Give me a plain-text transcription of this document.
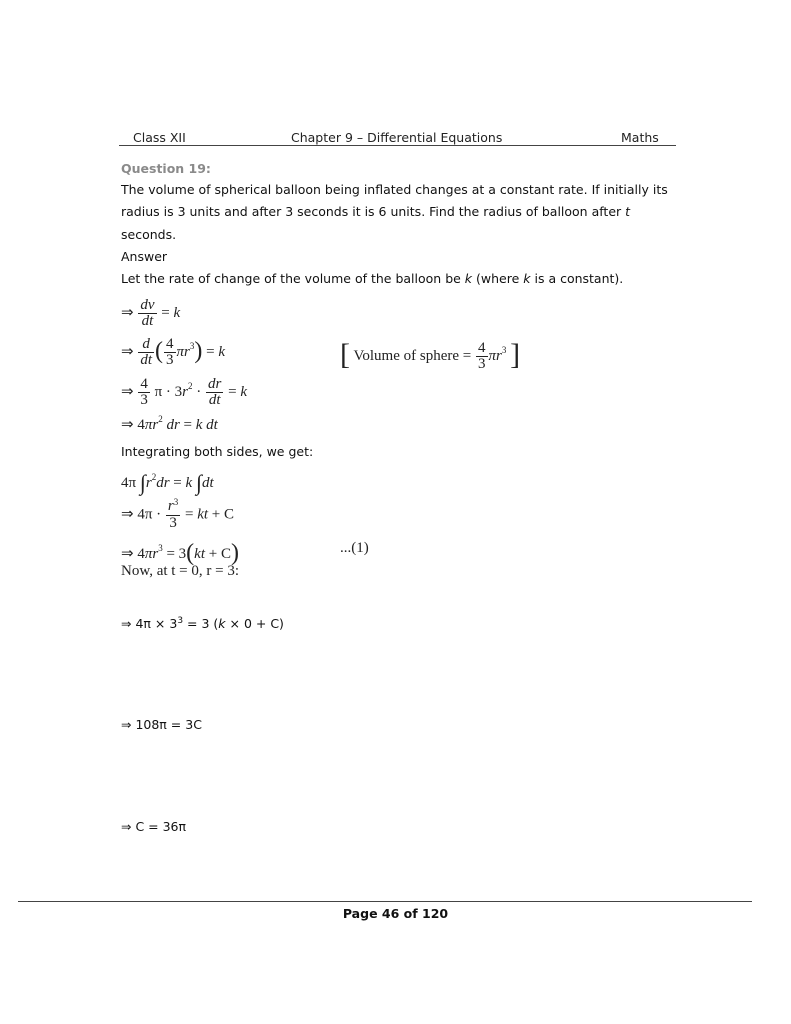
Class XII	Chapter 9 – Differential Equations	Maths
Question 19:
The volume of spherical balloon being inflated changes at a constant rate. If initially its
radius is 3 units and after 3 seconds it is 6 units. Find the radius of balloon after t
seconds.
Answer
Let the rate of change of the volume of the balloon be k (where k is a constant).
⇒ $\frac{dv}{dt} = k$
⇒ $\frac{d}{dt}$ ( $\frac{4}{3} \pi r^3) = k$	[ Volume of sphere = $\frac{4}{3} \pi r^3$ ]
⇒ $\frac{4}{3}$ $\pi \cdot 3r^2 \cdot \frac{dr}{dt} = k$
⇒ $4\pi r^2$ dr = k dt
Integrating both sides, we get:
4π $\int r^2dr = k$ ∫dt
⇒ $4\pi \cdot \frac{r^3}{3}$ = kt + C
⇒ $4\pi r^3 = 3(kt + C)$	...(1)
Now, at t = 0, r = 3:
⇒ $4\pi \times 3^3 = 3$ (k × 0 + C)
⇒ 108π = 3C
⇒ C = 36π
Page 46 of 120
